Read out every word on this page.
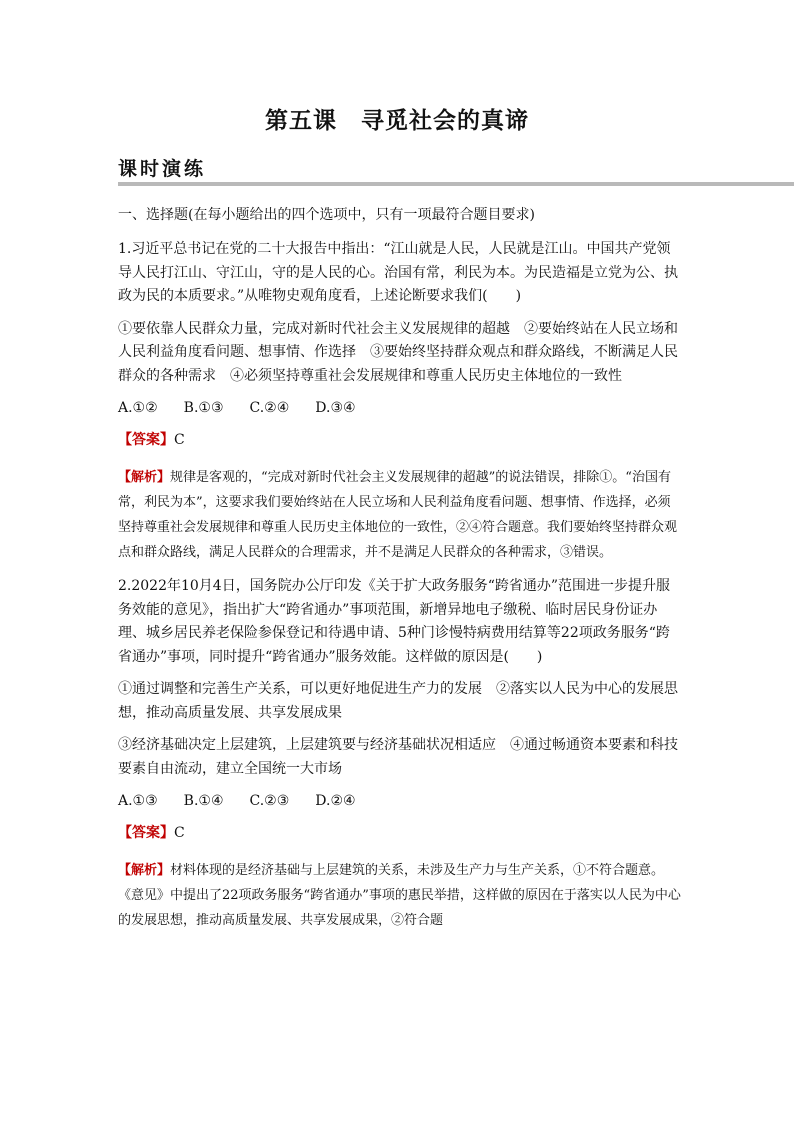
第五课　寻觅社会的真谛
课时演练

一、选择题(在每小题给出的四个选项中，只有一项最符合题目要求)

1.习近平总书记在党的二十大报告中指出：“江山就是人民，人民就是江山。中国共产党领导人民打江山、守江山，守的是人民的心。治国有常，利民为本。为民造福是立党为公、执政为民的本质要求。”从唯物史观角度看，上述论断要求我们(　　)

①要依靠人民群众力量，完成对新时代社会主义发展规律的超越　②要始终站在人民立场和人民利益角度看问题、想事情、作选择　③要始终坚持群众观点和群众路线，不断满足人民群众的各种需求　④必须坚持尊重社会发展规律和尊重人民历史主体地位的一致性

A.①② B.①③ C.②④ D.③④

【答案】C

【解析】规律是客观的，“完成对新时代社会主义发展规律的超越”的说法错误，排除①。“治国有常，利民为本”，这要求我们要始终站在人民立场和人民利益角度看问题、想事情、作选择，必须坚持尊重社会发展规律和尊重人民历史主体地位的一致性，②④符合题意。我们要始终坚持群众观点和群众路线，满足人民群众的合理需求，并不是满足人民群众的各种需求，③错误。

2.2022年10月4日，国务院办公厅印发《关于扩大政务服务“跨省通办”范围进一步提升服务效能的意见》，指出扩大“跨省通办”事项范围，新增异地电子缴税、临时居民身份证办理、城乡居民养老保险参保登记和待遇申请、5种门诊慢特病费用结算等22项政务服务“跨省通办”事项，同时提升“跨省通办”服务效能。这样做的原因是(　　)

①通过调整和完善生产关系，可以更好地促进生产力的发展　②落实以人民为中心的发展思想，推动高质量发展、共享发展成果

③经济基础决定上层建筑，上层建筑要与经济基础状况相适应　④通过畅通资本要素和科技要素自由流动，建立全国统一大市场

A.①③ B.①④ C.②③ D.②④

【答案】C

【解析】材料体现的是经济基础与上层建筑的关系，未涉及生产力与生产关系，①不符合题意。《意见》中提出了22项政务服务“跨省通办”事项的惠民举措，这样做的原因在于落实以人民为中心的发展思想，推动高质量发展、共享发展成果，②符合题
